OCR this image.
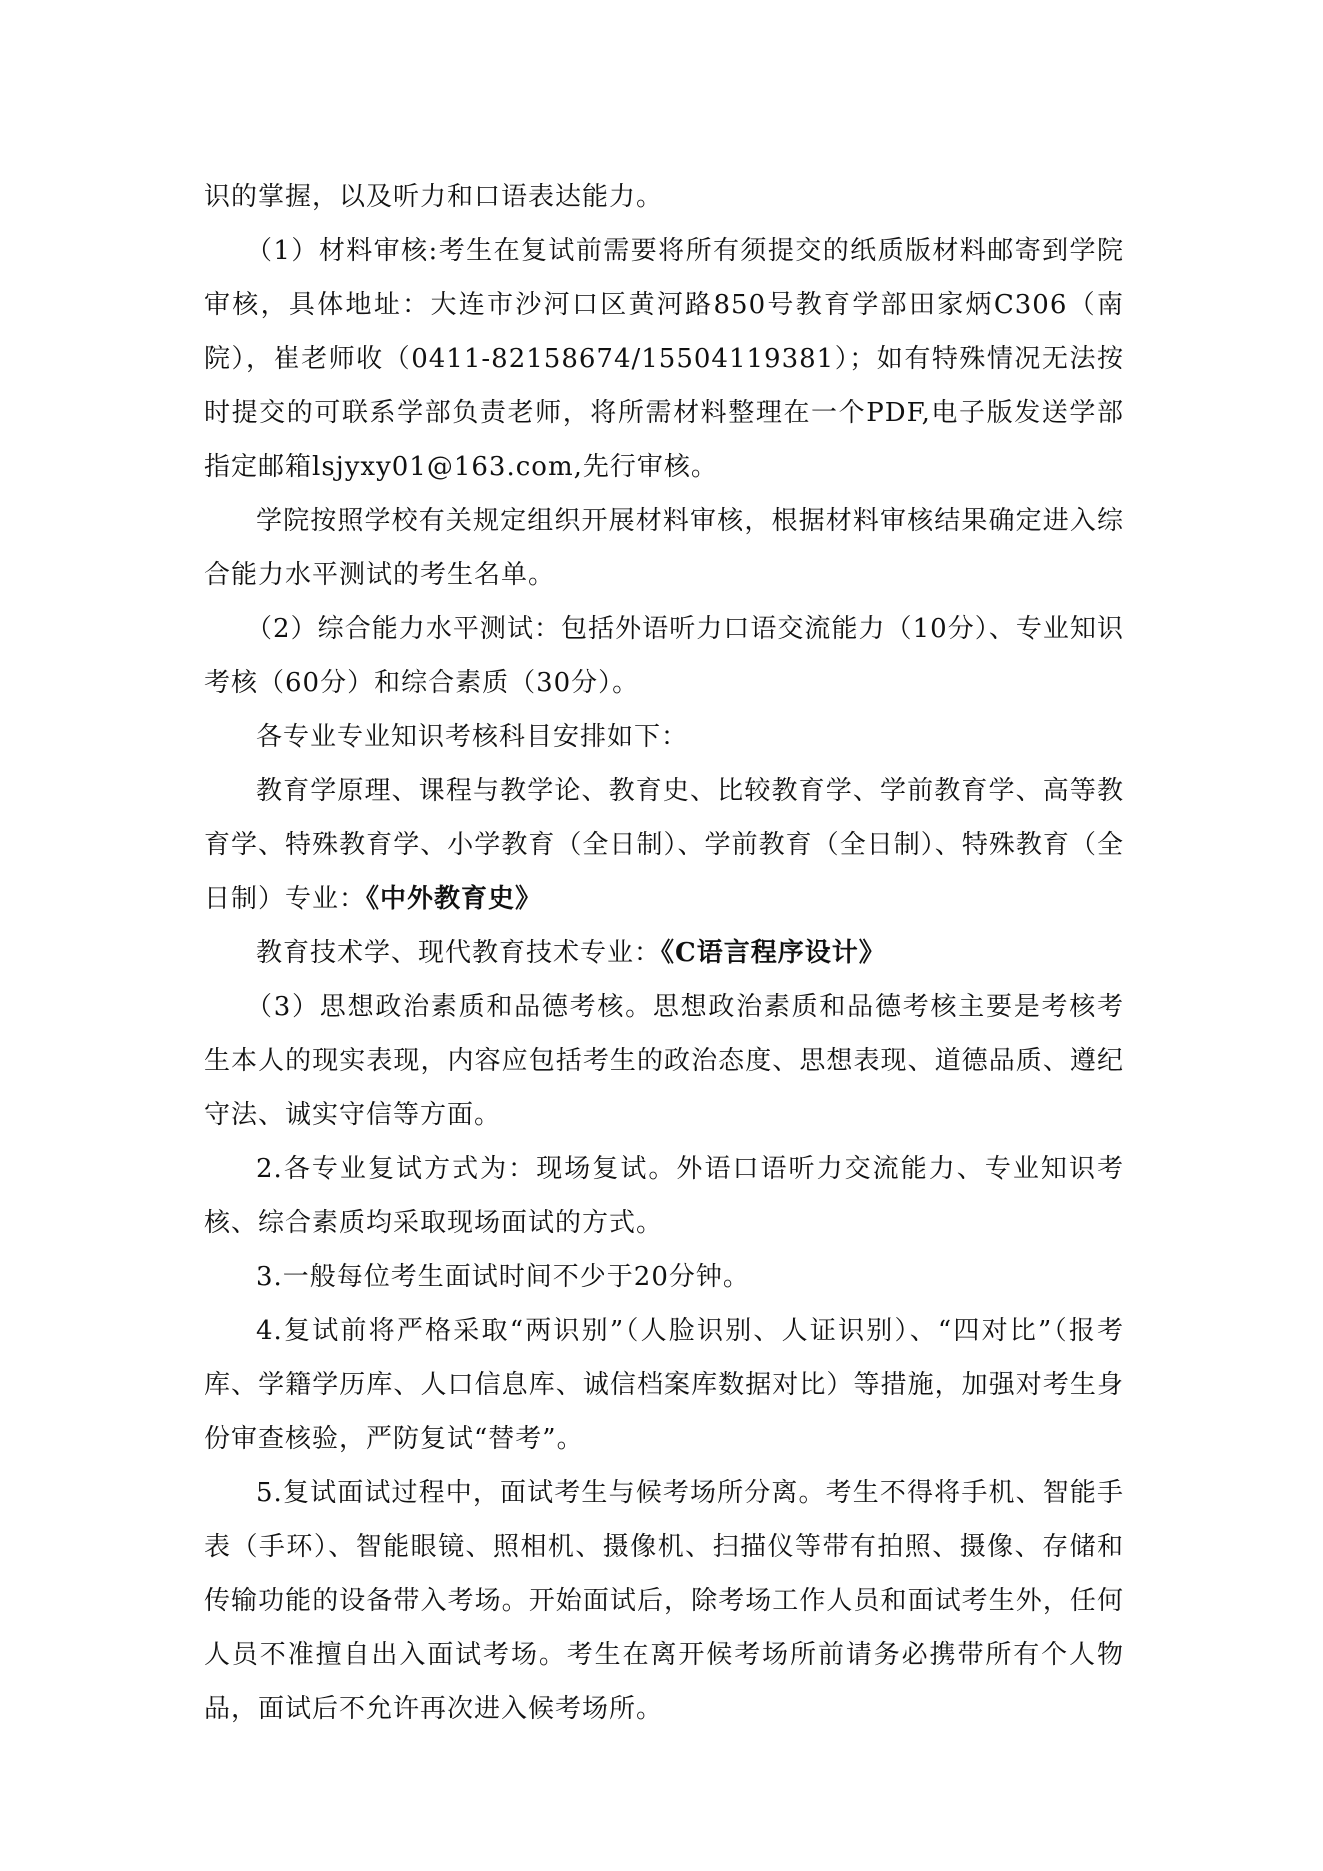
识的掌握，以及听力和口语表达能力。

（1）材料审核:考生在复试前需要将所有须提交的纸质版材料邮寄到学院审核，具体地址：大连市沙河口区黄河路850号教育学部田家炳C306（南院），崔老师收（0411-82158674/15504119381）；如有特殊情况无法按时提交的可联系学部负责老师，将所需材料整理在一个PDF,电子版发送学部指定邮箱lsjyxy01@163.com,先行审核。

学院按照学校有关规定组织开展材料审核，根据材料审核结果确定进入综合能力水平测试的考生名单。

（2）综合能力水平测试：包括外语听力口语交流能力（10分）、专业知识考核（60分）和综合素质（30分）。

各专业专业知识考核科目安排如下：

教育学原理、课程与教学论、教育史、比较教育学、学前教育学、高等教育学、特殊教育学、小学教育（全日制）、学前教育（全日制）、特殊教育（全日制）专业：《中外教育史》

教育技术学、现代教育技术专业：《C语言程序设计》

（3）思想政治素质和品德考核。思想政治素质和品德考核主要是考核考生本人的现实表现，内容应包括考生的政治态度、思想表现、道德品质、遵纪守法、诚实守信等方面。

2.各专业复试方式为：现场复试。外语口语听力交流能力、专业知识考核、综合素质均采取现场面试的方式。

3.一般每位考生面试时间不少于20分钟。

4.复试前将严格采取“两识别”（人脸识别、人证识别）、“四对比”（报考库、学籍学历库、人口信息库、诚信档案库数据对比）等措施，加强对考生身份审查核验，严防复试“替考”。

5.复试面试过程中，面试考生与候考场所分离。考生不得将手机、智能手表（手环）、智能眼镜、照相机、摄像机、扫描仪等带有拍照、摄像、存储和传输功能的设备带入考场。开始面试后，除考场工作人员和面试考生外，任何人员不准擅自出入面试考场。考生在离开候考场所前请务必携带所有个人物品，面试后不允许再次进入候考场所。
